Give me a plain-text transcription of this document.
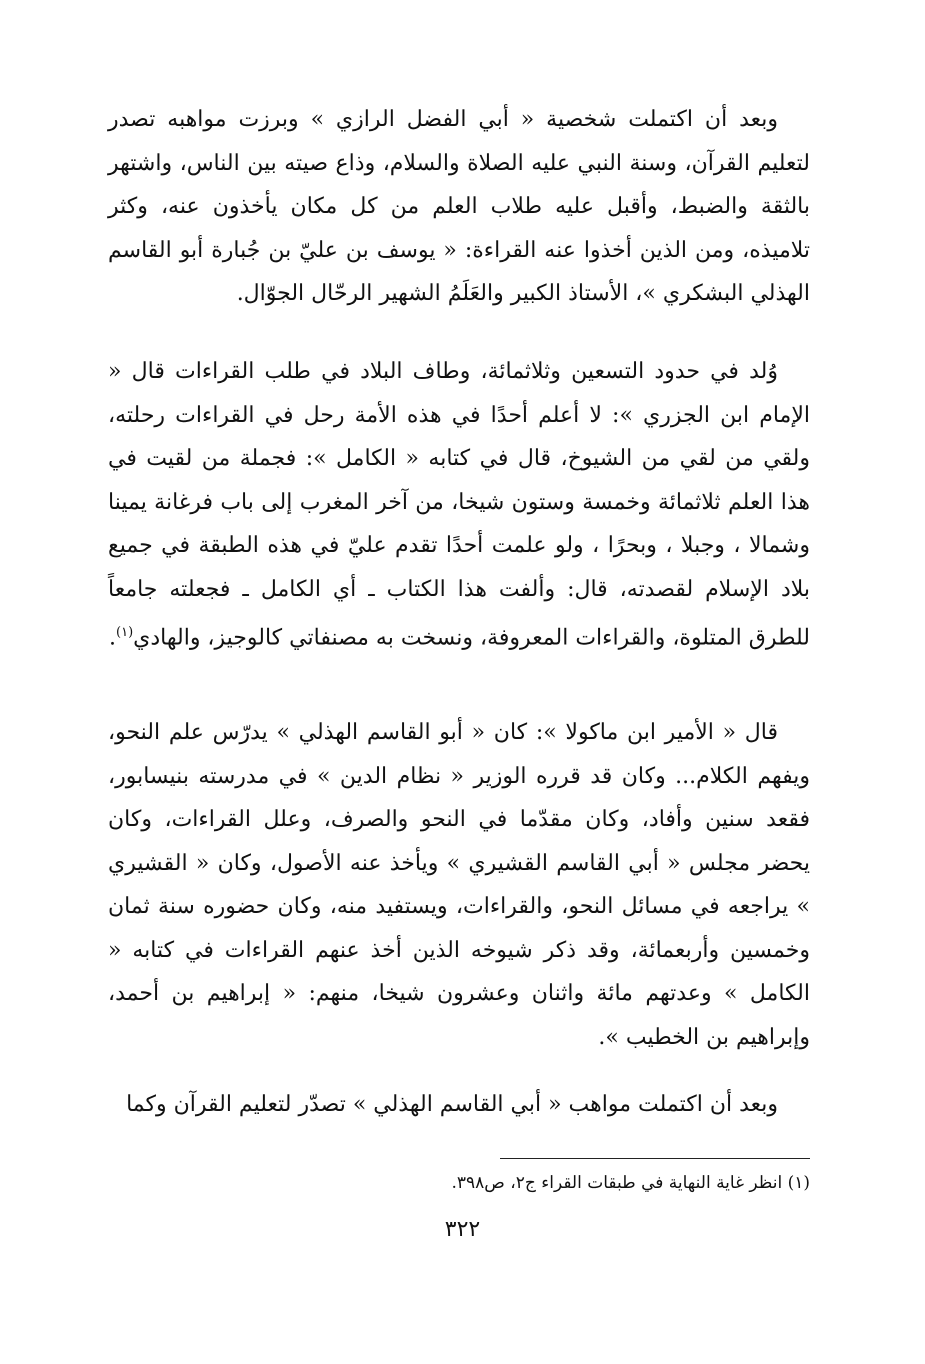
وبعد أن اكتملت شخصية « أبي الفضل الرازي » وبرزت مواهبه تصدر لتعليم القرآن، وسنة النبي عليه الصلاة والسلام، وذاع صيته بين الناس، واشتهر بالثقة والضبط، وأقبل عليه طلاب العلم من كل مكان يأخذون عنه، وكثر تلاميذه، ومن الذين أخذوا عنه القراءة: « يوسف بن عليّ بن جُبارة أبو القاسم الهذلي البشكري »، الأستاذ الكبير والعَلَمُ الشهير الرحّال الجوّال.

وُلد في حدود التسعين وثلاثمائة، وطاف البلاد في طلب القراءات قال « الإمام ابن الجزري »: لا أعلم أحدًا في هذه الأمة رحل في القراءات رحلته، ولقي من لقي من الشيوخ، قال في كتابه « الكامل »: فجملة من لقيت في هذا العلم ثلاثمائة وخمسة وستون شيخا، من آخر المغرب إلى باب فرغانة يمينا وشمالا ، وجبلا ، وبحرًا ، ولو علمت أحدًا تقدم عليّ في هذه الطبقة في جميع بلاد الإسلام لقصدته، قال: وألفت هذا الكتاب ـ أي الكامل ـ فجعلته جامعاً للطرق المتلوة، والقراءات المعروفة، ونسخت به مصنفاتي كالوجيز، والهادي$^{(١)}$.

قال « الأمير ابن ماكولا »: كان « أبو القاسم الهذلي » يدرّس علم النحو، ويفهم الكلام... وكان قد قرره الوزير « نظام الدين » في مدرسته بنيسابور، فقعد سنين وأفاد، وكان مقدّما في النحو والصرف، وعلل القراءات، وكان يحضر مجلس « أبي القاسم القشيري » ويأخذ عنه الأصول، وكان « القشيري » يراجعه في مسائل النحو، والقراءات، ويستفيد منه، وكان حضوره سنة ثمان وخمسين وأربعمائة، وقد ذكر شيوخه الذين أخذ عنهم القراءات في كتابه « الكامل » وعدتهم مائة واثنان وعشرون شيخا، منهم: « إبراهيم بن أحمد، وإبراهيم بن الخطيب ».

وبعد أن اكتملت مواهب « أبي القاسم الهذلي » تصدّر لتعليم القرآن وكما

(١) انظر غاية النهاية في طبقات القراء ج٢، ص٣٩٨.
٣٢٢
